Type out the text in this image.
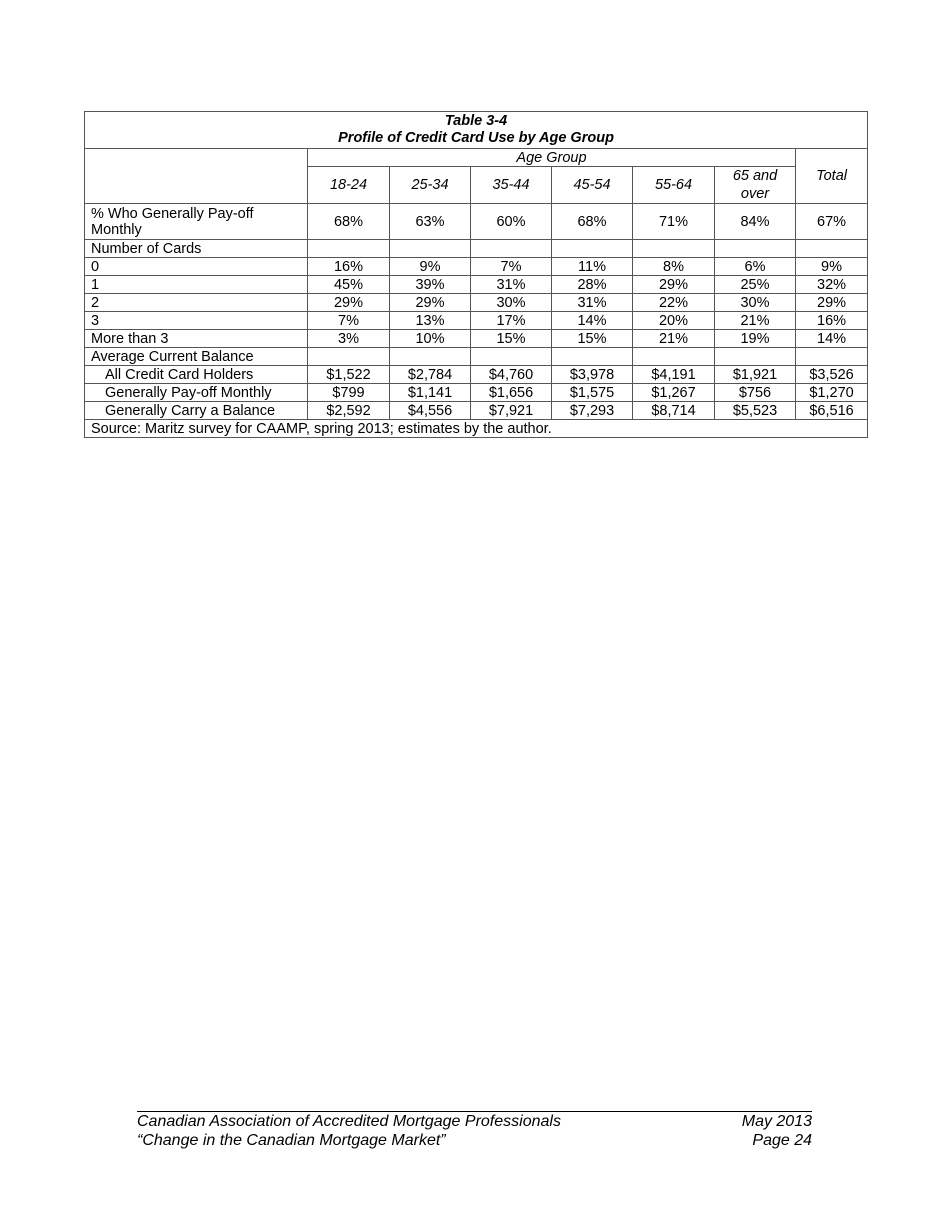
Table 3-4
Profile of Credit Card Use by Age Group							
	Age Group						Total
	18-24	25-34	35-44	45-54	55-64	65 and over	
% Who Generally Pay-off Monthly	68%	63%	60%	68%	71%	84%	67%
Number of Cards							
0	16%	9%	7%	11%	8%	6%	9%
1	45%	39%	31%	28%	29%	25%	32%
2	29%	29%	30%	31%	22%	30%	29%
3	7%	13%	17%	14%	20%	21%	16%
More than 3	3%	10%	15%	15%	21%	19%	14%
Average Current Balance							
All Credit Card Holders	$1,522	$2,784	$4,760	$3,978	$4,191	$1,921	$3,526
Generally Pay-off Monthly	$799	$1,141	$1,656	$1,575	$1,267	$756	$1,270
Generally Carry a Balance	$2,592	$4,556	$7,921	$7,293	$8,714	$5,523	$6,516
Source: Maritz survey for CAAMP, spring 2013; estimates by the author.							
Canadian Association of Accredited Mortgage Professionals	May 2013
“Change in the Canadian Mortgage Market”	Page 24
